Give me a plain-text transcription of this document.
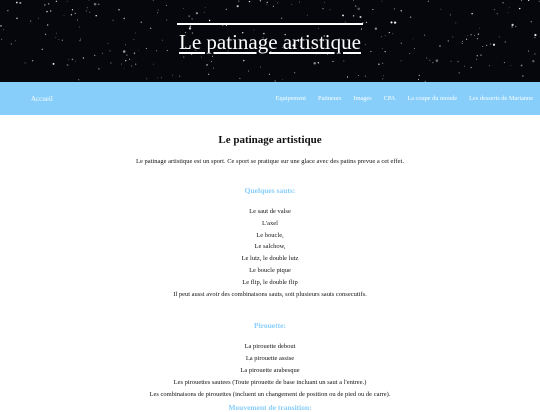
Le patinage artistique
Accueil	Equipement Patineurs Images CPA La coupe du monde Les desserts de Marianne
Le patinage artistique
Le patinage artistique est un sport. Ce sport se pratique sur une glace avec des patins prevue a cet effet.
Quelques sauts:
Le saut de valse
L'axel
Le boucle,
Le salchow,
Le lutz, le double lutz
Le boucle pique
Le flip, le double flip
Il peut aussi avoir des combinaisons sauts, soit plusieurs sauts consecutifs.
Pirouette:
La pirouette debout
La pirouette assise
La pirouette arabesque
Les pirouettes sautees (Toute pirouette de base incluant un saut a l'entree.)
Les combinaisons de pirouettes (incluent un changement de position ou de pied ou de carre).
Mouvement de transition:
